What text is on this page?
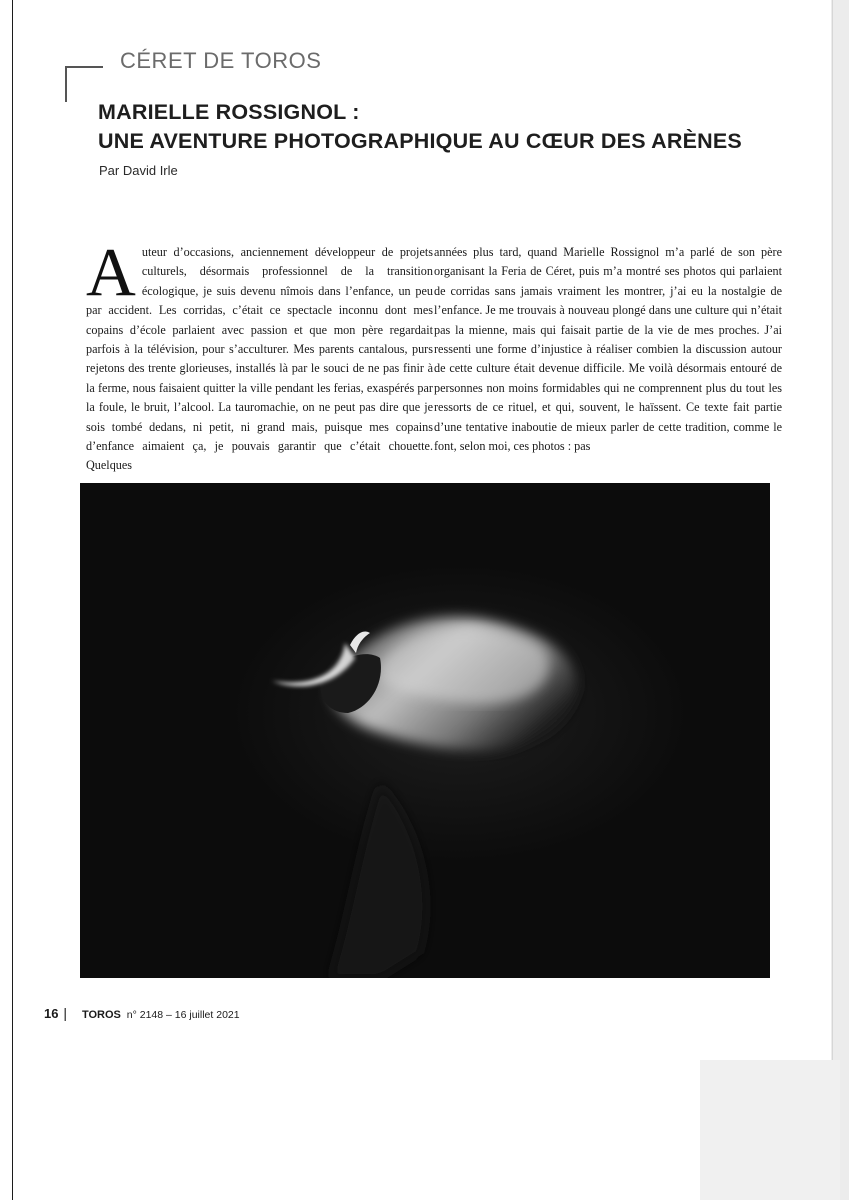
CÉRET DE TOROS
MARIELLE ROSSIGNOL :
UNE AVENTURE PHOTOGRAPHIQUE AU CŒUR DES ARÈNES

Par David Irle

A uteur d’occasions, anciennement développeur de projets culturels, désormais professionnel de la transition écologique, je suis devenu nîmois dans l’enfance, un peu par accident. Les corridas, c’était ce spectacle inconnu dont mes copains d’école parlaient avec passion et que mon père regardait parfois à la télévision, pour s’acculturer. Mes parents cantalous, purs rejetons des trente glorieuses, installés là par le souci de ne pas finir à la ferme, nous faisaient quitter la ville pendant les ferias, exaspérés par la foule, le bruit, l’alcool. La tauromachie, on ne peut pas dire que je sois tombé dedans, ni petit, ni grand mais, puisque mes copains d’enfance aimaient ça, je pouvais garantir que c’était chouette. Quelques

années plus tard, quand Marielle Rossignol m’a parlé de son père organisant la Feria de Céret, puis m’a montré ses photos qui parlaient de corridas sans jamais vraiment les montrer, j’ai eu la nostalgie de l’enfance. Je me trouvais à nouveau plongé dans une culture qui n’était pas la mienne, mais qui faisait partie de la vie de mes proches. J’ai ressenti une forme d’injustice à réaliser combien la discussion autour de cette culture était devenue difficile. Me voilà désormais entouré de personnes non moins formidables qui ne comprennent plus du tout les ressorts de ce rituel, et qui, souvent, le haïssent. Ce texte fait partie d’une tentative inaboutie de mieux parler de cette tradition, comme le font, selon moi, ces photos : pas

16 | TOROS n° 2148 – 16 juillet 2021
